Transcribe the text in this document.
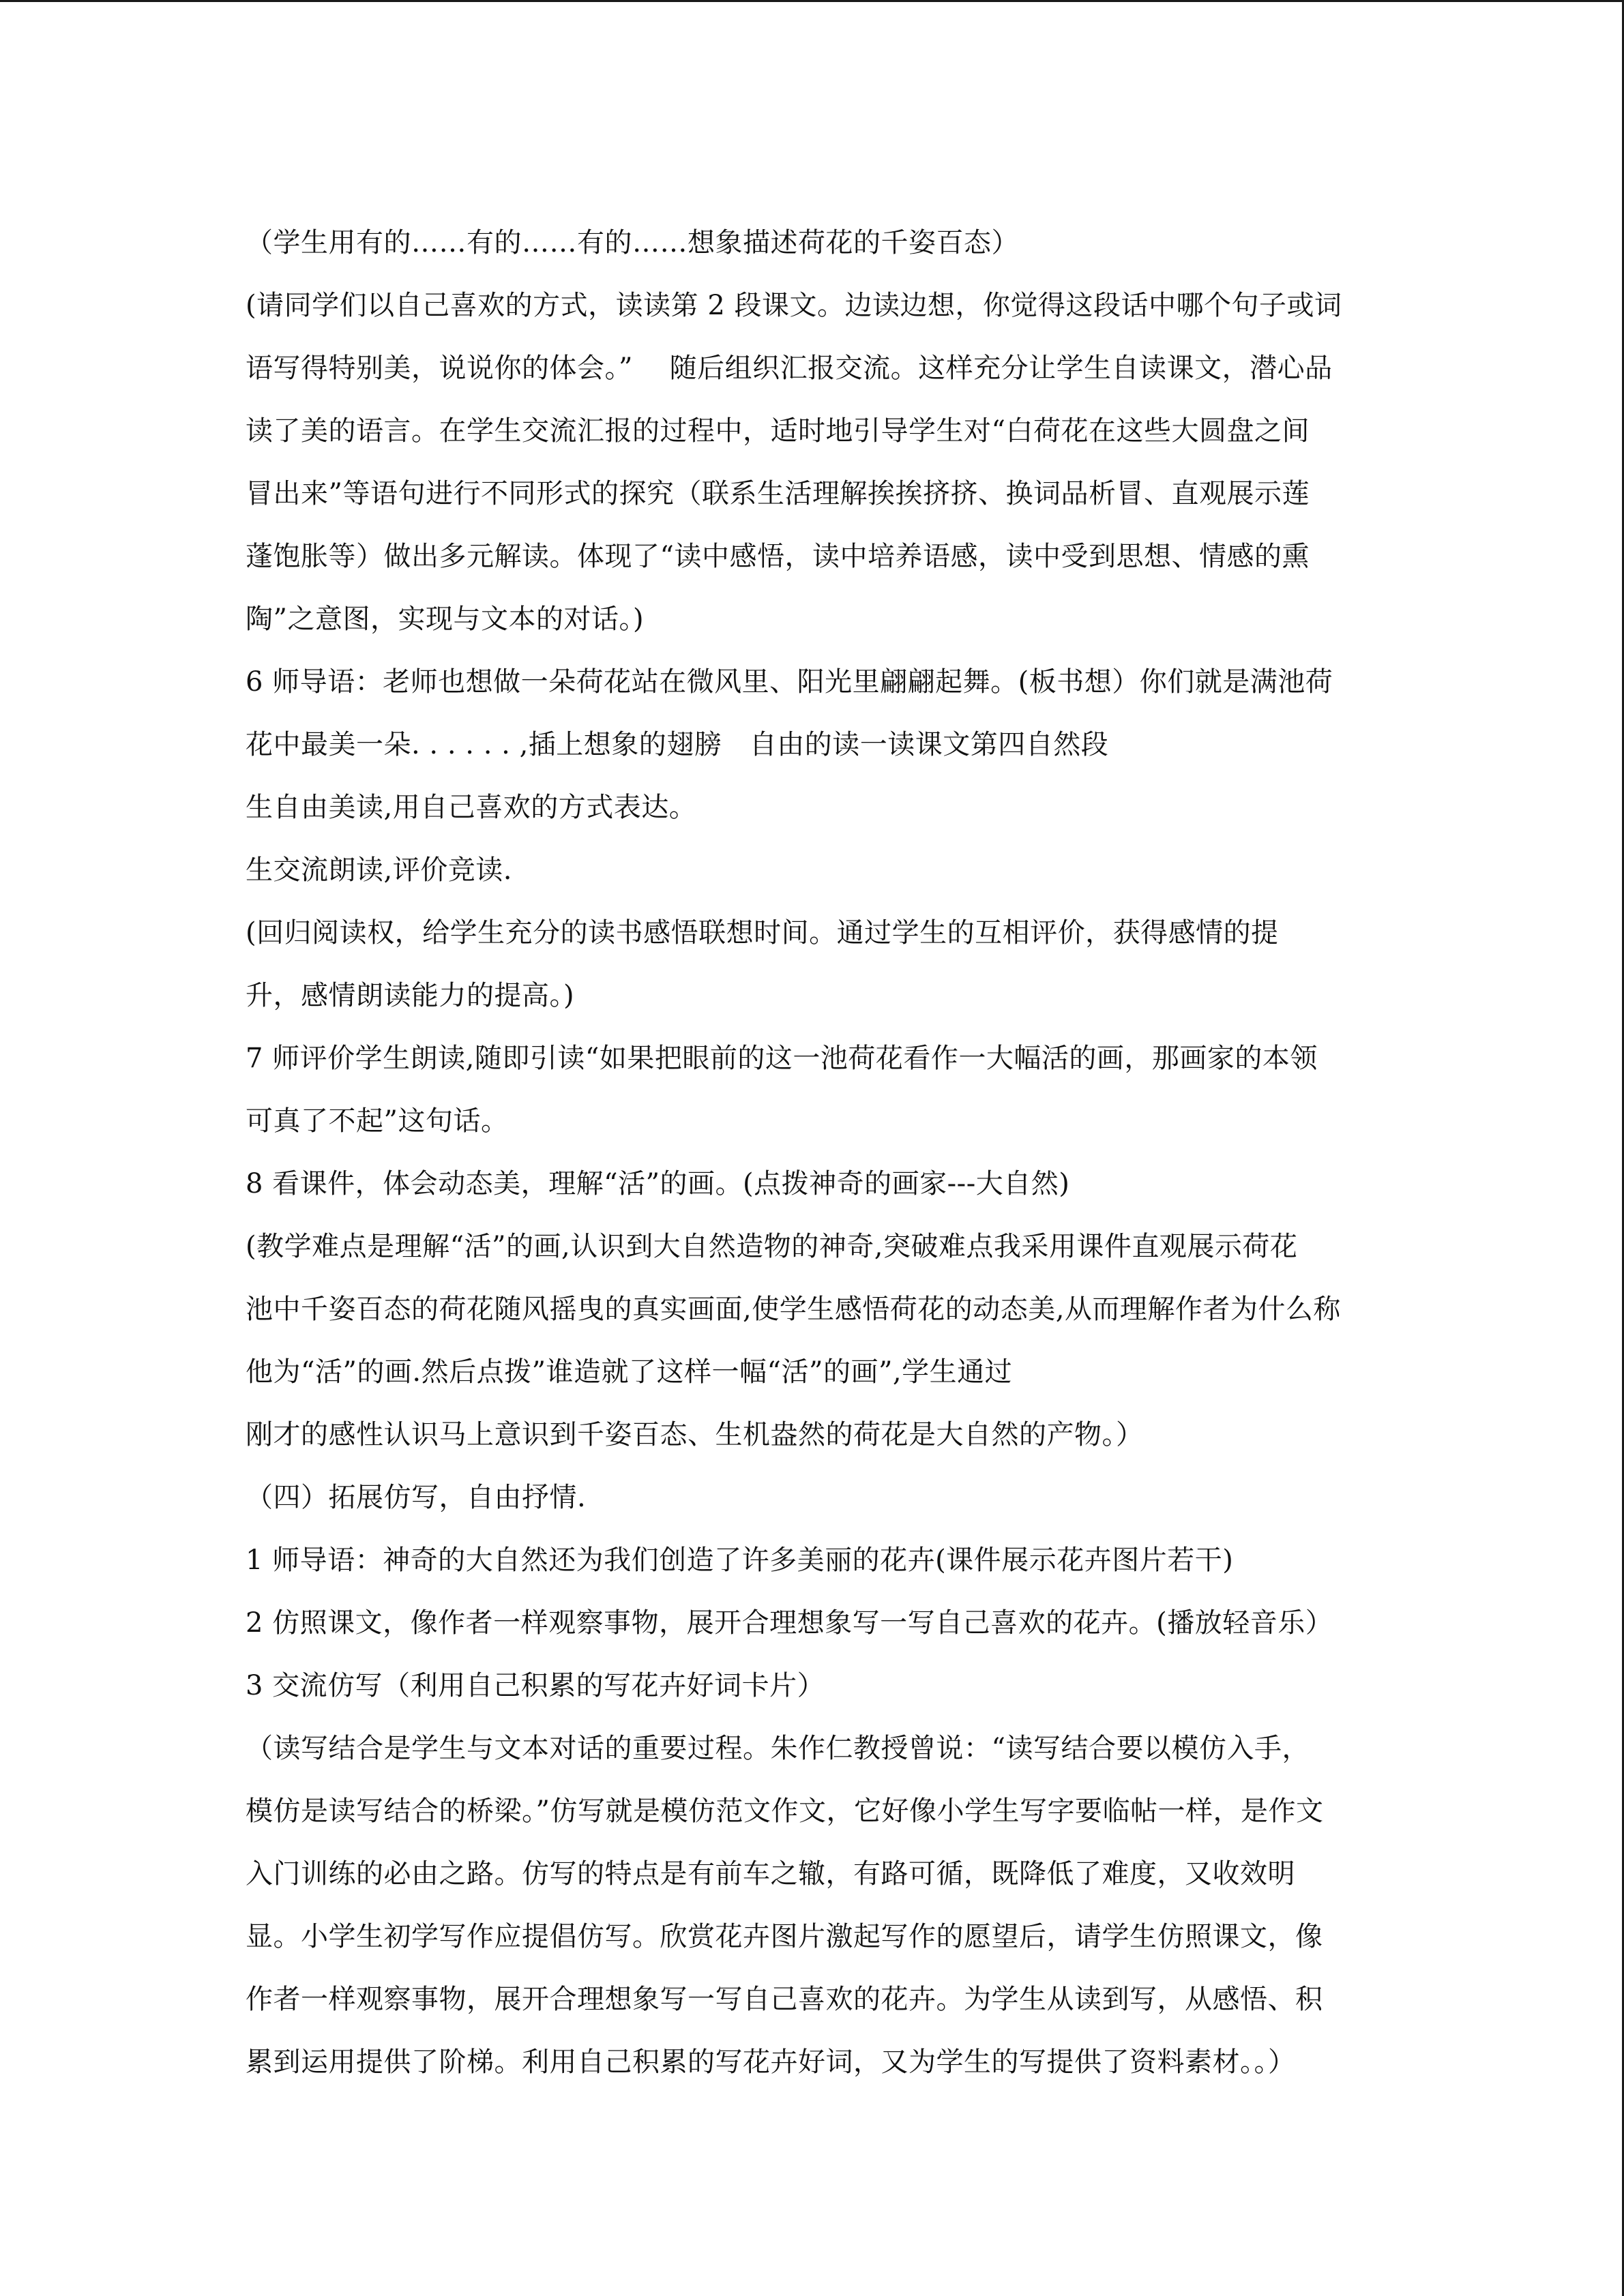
（学生用有的……有的……有的……想象描述荷花的千姿百态）
(请同学们以自己喜欢的方式，读读第 2 段课文。边读边想，你觉得这段话中哪个句子或词
语写得特别美，说说你的体会。”　 随后组织汇报交流。这样充分让学生自读课文，潜心品
读了美的语言。在学生交流汇报的过程中，适时地引导学生对“白荷花在这些大圆盘之间
冒出来”等语句进行不同形式的探究（联系生活理解挨挨挤挤、换词品析冒、直观展示莲
蓬饱胀等）做出多元解读。体现了“读中感悟，读中培养语感，读中受到思想、情感的熏
陶”之意图，实现与文本的对话。)
6 师导语：老师也想做一朵荷花站在微风里、阳光里翩翩起舞。(板书想）你们就是满池荷
花中最美一朵. . . . . . ,插上想象的翅膀　自由的读一读课文第四自然段
生自由美读,用自己喜欢的方式表达。
生交流朗读,评价竞读.
(回归阅读权，给学生充分的读书感悟联想时间。通过学生的互相评价，获得感情的提
升，感情朗读能力的提高。)
7 师评价学生朗读,随即引读“如果把眼前的这一池荷花看作一大幅活的画，那画家的本领
可真了不起”这句话。
8 看课件，体会动态美，理解“活”的画。(点拨神奇的画家---大自然)
(教学难点是理解“活”的画,认识到大自然造物的神奇,突破难点我采用课件直观展示荷花
池中千姿百态的荷花随风摇曳的真实画面,使学生感悟荷花的动态美,从而理解作者为什么称
他为“活”的画.然后点拨”谁造就了这样一幅“活”的画”,学生通过
刚才的感性认识马上意识到千姿百态、生机盎然的荷花是大自然的产物。）
（四）拓展仿写，自由抒情.
1 师导语：神奇的大自然还为我们创造了许多美丽的花卉(课件展示花卉图片若干)
2 仿照课文，像作者一样观察事物，展开合理想象写一写自己喜欢的花卉。(播放轻音乐）
3 交流仿写（利用自己积累的写花卉好词卡片）
（读写结合是学生与文本对话的重要过程。朱作仁教授曾说：“读写结合要以模仿入手，
模仿是读写结合的桥梁。”仿写就是模仿范文作文，它好像小学生写字要临帖一样，是作文
入门训练的必由之路。仿写的特点是有前车之辙，有路可循，既降低了难度，又收效明
显。小学生初学写作应提倡仿写。欣赏花卉图片激起写作的愿望后，请学生仿照课文，像
作者一样观察事物，展开合理想象写一写自己喜欢的花卉。为学生从读到写，从感悟、积
累到运用提供了阶梯。利用自己积累的写花卉好词，又为学生的写提供了资料素材。。）
